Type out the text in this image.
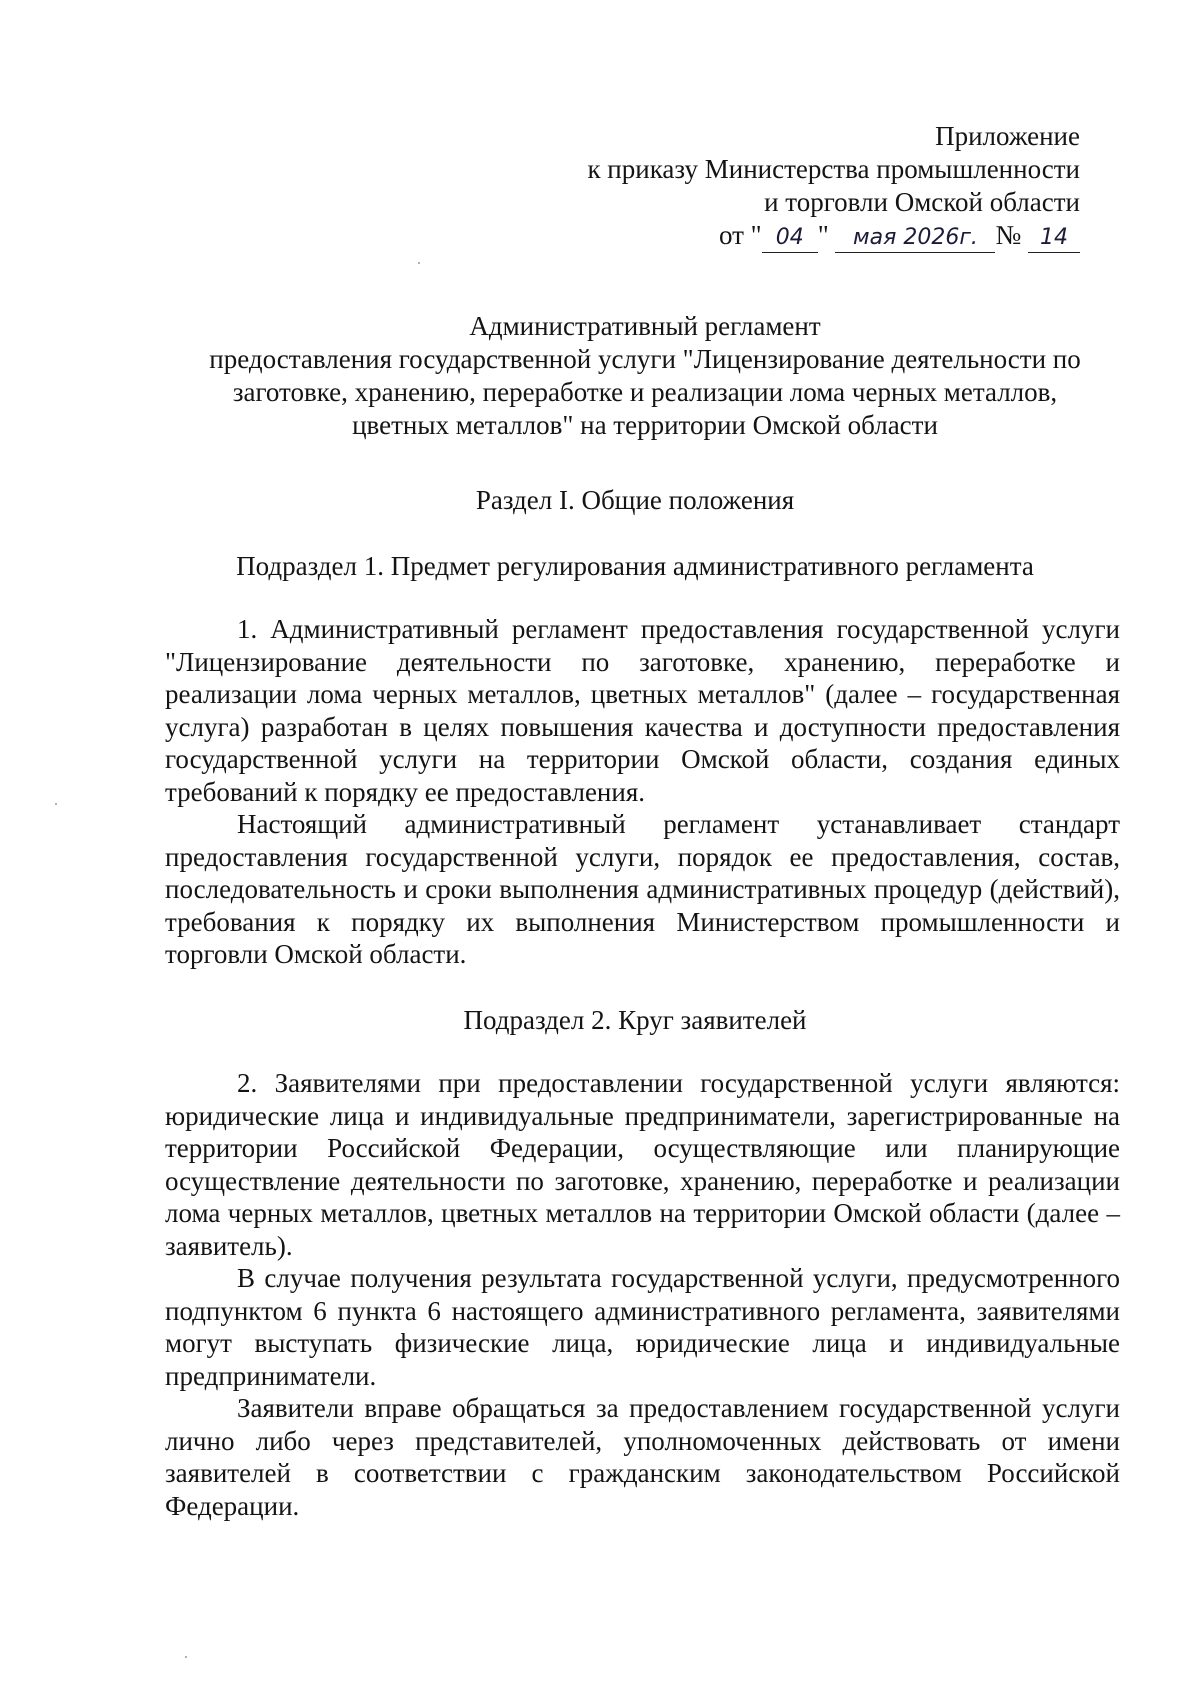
Приложение
к приказу Министерства промышленности
и торговли Омской области
от " 04 " мая 2026г. № 14
Административный регламент
предоставления государственной услуги "Лицензирование деятельности по
заготовке, хранению, переработке и реализации лома черных металлов,
цветных металлов" на территории Омской области
Раздел I. Общие положения
Подраздел 1. Предмет регулирования административного регламента

1. Административный регламент предоставления государственной услуги "Лицензирование деятельности по заготовке, хранению, переработке и реализации лома черных металлов, цветных металлов" (далее – государственная услуга) разработан в целях повышения качества и доступности предоставления государственной услуги на территории Омской области, создания единых требований к порядку ее предоставления.

Настоящий административный регламент устанавливает стандарт предоставления государственной услуги, порядок ее предоставления, состав, последовательность и сроки выполнения административных процедур (действий), требования к порядку их выполнения Министерством промышленности и торговли Омской области.

Подраздел 2. Круг заявителей

2. Заявителями при предоставлении государственной услуги являются: юридические лица и индивидуальные предприниматели, зарегистрированные на территории Российской Федерации, осуществляющие или планирующие осуществление деятельности по заготовке, хранению, переработке и реализации лома черных металлов, цветных металлов на территории Омской области (далее – заявитель).

В случае получения результата государственной услуги, предусмотренного подпунктом 6 пункта 6 настоящего административного регламента, заявителями могут выступать физические лица, юридические лица и индивидуальные предприниматели.

Заявители вправе обращаться за предоставлением государственной услуги лично либо через представителей, уполномоченных действовать от имени заявителей в соответствии с гражданским законодательством Российской Федерации.
